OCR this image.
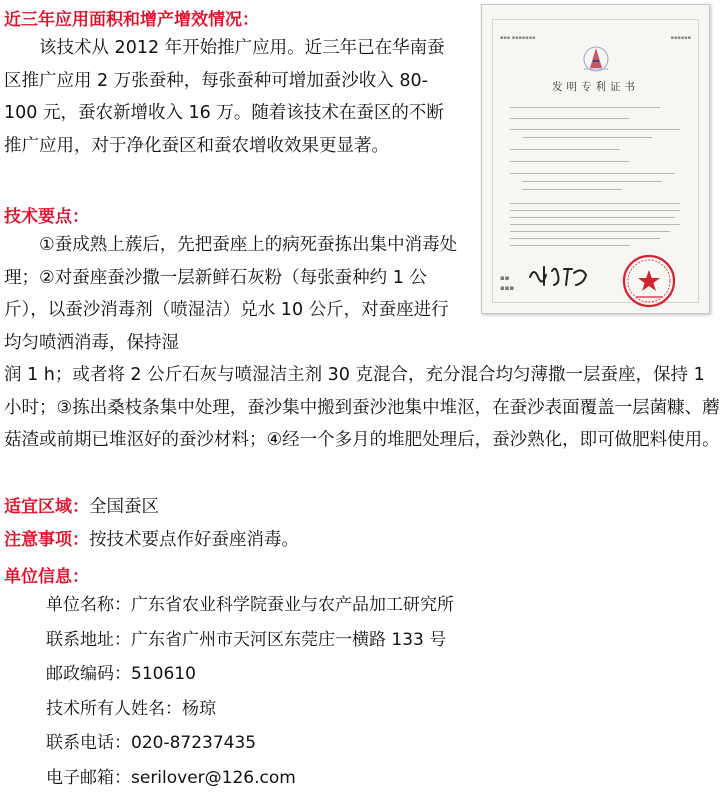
近三年应用面积和增产增效情况：

该技术从 2012 年开始推广应用。近三年已在华南蚕区推广应用 2 万张蚕种，每张蚕种可增加蚕沙收入 80-100 元，蚕农新增收入 16 万。随着该技术在蚕区的不断推广应用，对于净化蚕区和蚕农增收效果更显著。

技术要点：

①蚕成熟上蔟后，先把蚕座上的病死蚕拣出集中消毒处理；②对蚕座蚕沙撒一层新鲜石灰粉（每张蚕种约 1 公斤），以蚕沙消毒剂（喷湿洁）兑水 10 公斤，对蚕座进行均匀喷洒消毒，保持湿

润 1 h；或者将 2 公斤石灰与喷湿洁主剂 30 克混合，充分混合均匀薄撒一层蚕座，保持 1 小时；③拣出桑枝条集中处理，蚕沙集中搬到蚕沙池集中堆沤，在蚕沙表面覆盖一层菌糠、蘑菇渣或前期已堆沤好的蚕沙材料；④经一个多月的堆肥处理后，蚕沙熟化，即可做肥料使用。

适宜区域：全国蚕区
注意事项：按技术要点作好蚕座消毒。
单位信息：
单位名称：广东省农业科学院蚕业与农产品加工研究所
联系地址：广东省广州市天河区东莞庄一横路 133 号
邮政编码：510610
技术所有人姓名：杨琼
联系电话：020-87237435
电子邮箱：serilover@126.com
▪▪▪ ▪▪▪▪▪▪▪	▪▪▪▪▪▪
发明专利证书
▪▪
▪▪▪
